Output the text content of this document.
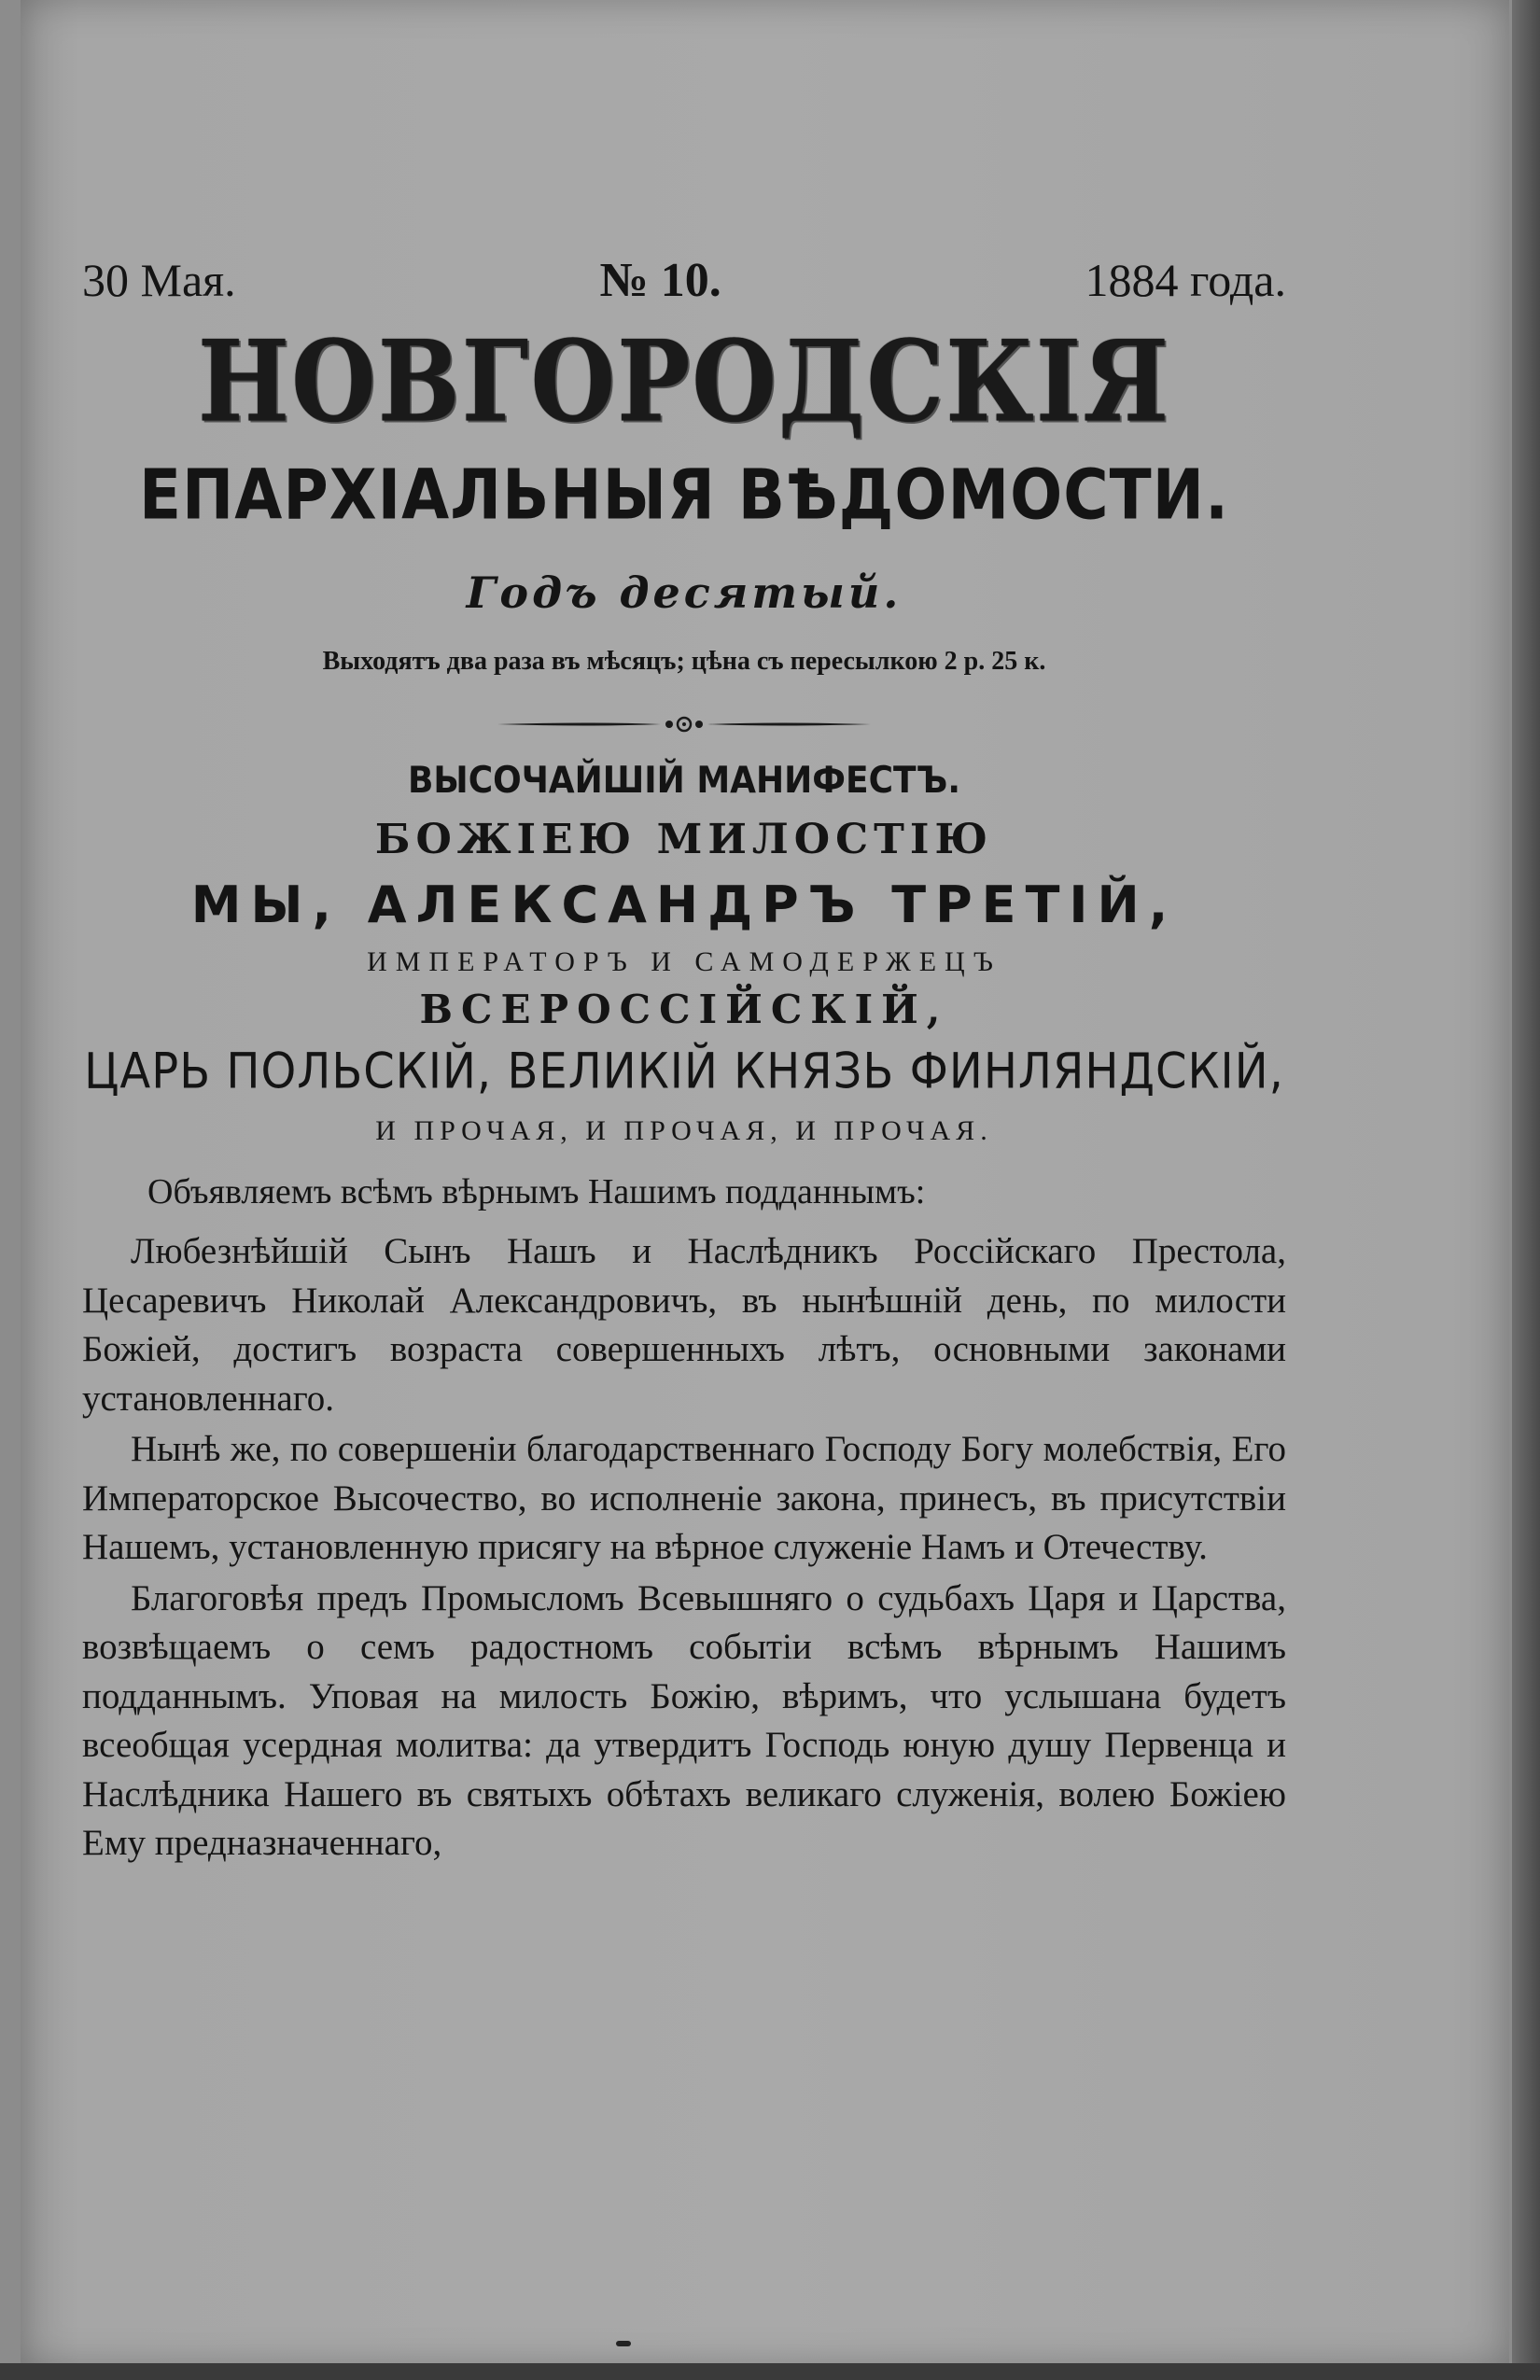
30 Мая.	№ 10.	1884 года.
НОВГОРОДСКІЯ
ЕПАРХІАЛЬНЫЯ ВѢДОМОСТИ.
Годъ десятый.
Выходятъ два раза въ мѣсяцъ; цѣна съ пересылкою 2 р. 25 к.
ВЫСОЧАЙШІЙ МАНИФЕСТЪ.
БОЖІЕЮ МИЛОСТІЮ
МЫ, АЛЕКСАНДРЪ ТРЕТІЙ,
ИМПЕРАТОРЪ И САМОДЕРЖЕЦЪ
ВСЕРОССІЙСКІЙ,
ЦАРЬ ПОЛЬСКІЙ, ВЕЛИКІЙ КНЯЗЬ ФИНЛЯНДСКІЙ,
И ПРОЧАЯ, И ПРОЧАЯ, И ПРОЧАЯ.
Объявляемъ всѣмъ вѣрнымъ Нашимъ подданнымъ:

Любезнѣйшій Сынъ Нашъ и Наслѣдникъ Россійскаго Престола, Цесаревичъ Николай Александровичъ, въ нынѣшній день, по милости Божіей, достигъ возраста совершенныхъ лѣтъ, основными законами установленнаго.

Нынѣ же, по совершеніи благодарственнаго Господу Богу молебствія, Его Императорское Высочество, во исполненіе закона, принесъ, въ присутствіи Нашемъ, установленную присягу на вѣрное служеніе Намъ и Отечеству.

Благоговѣя предъ Промысломъ Всевышняго о судьбахъ Царя и Царства, возвѣщаемъ о семъ радостномъ событіи всѣмъ вѣрнымъ Нашимъ подданнымъ. Уповая на милость Божію, вѣримъ, что услышана будетъ всеобщая усердная молитва: да утвердитъ Господь юную душу Первенца и Наслѣдника Нашего въ святыхъ обѣтахъ великаго служенія, волею Божіею Ему предназначеннаго,
